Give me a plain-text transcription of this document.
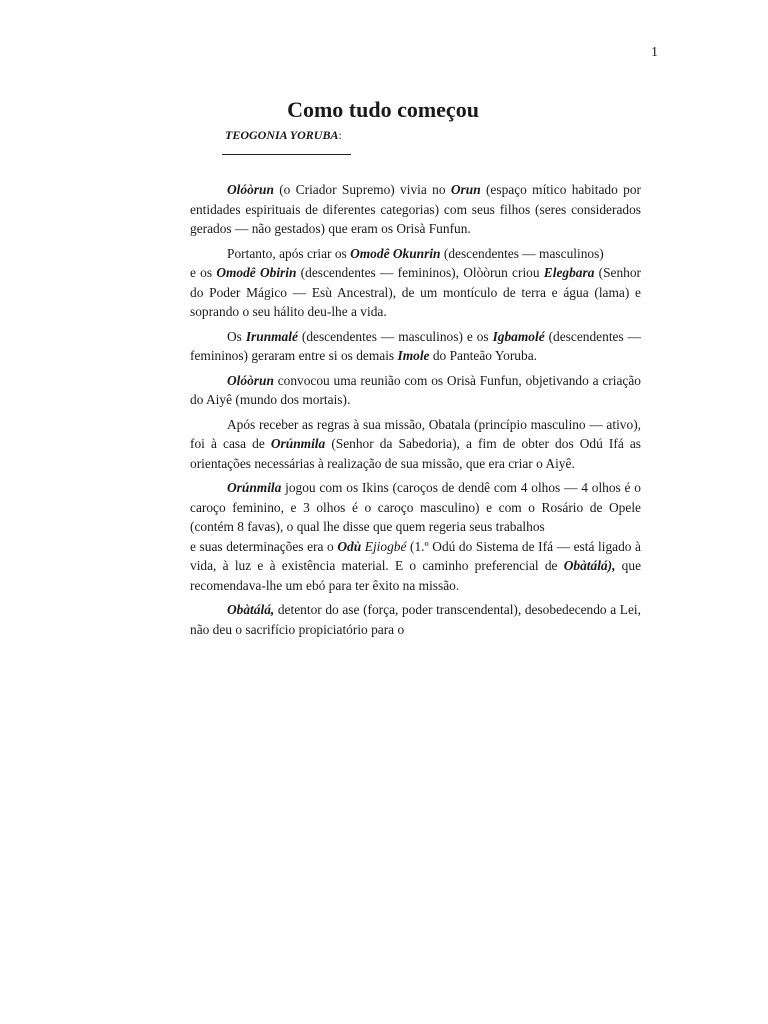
1
Como tudo começou
TEOGONIA YORUBA:

Olóòrun (o Criador Supremo) vivia no Orun (espaço mítico habitado por entidades espirituais de diferentes categorias) com seus filhos (seres considerados gerados — não gestados) que eram os Orisà Funfun.

Portanto, após criar os Omodê Okunrin (descendentes — masculinos)
e os Omodê Obirin (descendentes — femininos), Olòòrun criou Elegbara (Senhor do Poder Mágico — Esù Ancestral), de um montículo de terra e água (lama) e soprando o seu hálito deu-lhe a vida.

Os Irunmalé (descendentes — masculinos) e os Igbamolé (descendentes — femininos) geraram entre si os demais Imole do Panteão Yoruba.

Olóòrun convocou uma reunião com os Orisà Funfun, objetivando a criação do Aiyê (mundo dos mortais).

Após receber as regras à sua missão, Obatala (princípio masculino — ativo), foi à casa de Orúnmila (Senhor da Sabedoria), a fim de obter dos Odú Ifá as orientações necessárias à realização de sua missão, que era criar o Aiyê.

Orúnmila jogou com os Ikins (caroços de dendê com 4 olhos — 4 olhos é o caroço feminino, e 3 olhos é o caroço masculino) e com o Rosário de Opele (contém 8 favas), o qual lhe disse que quem regeria seus trabalhos
e suas determinações era o Odù Ejiogbé (1.º Odú do Sistema de Ifá — está ligado à vida, à luz e à existência material. E o caminho preferencial de Obàtálá), que recomendava-lhe um ebó para ter êxito na missão.

Obàtálá, detentor do ase (força, poder transcendental), desobedecendo a Lei, não deu o sacrifício propiciatório para o
